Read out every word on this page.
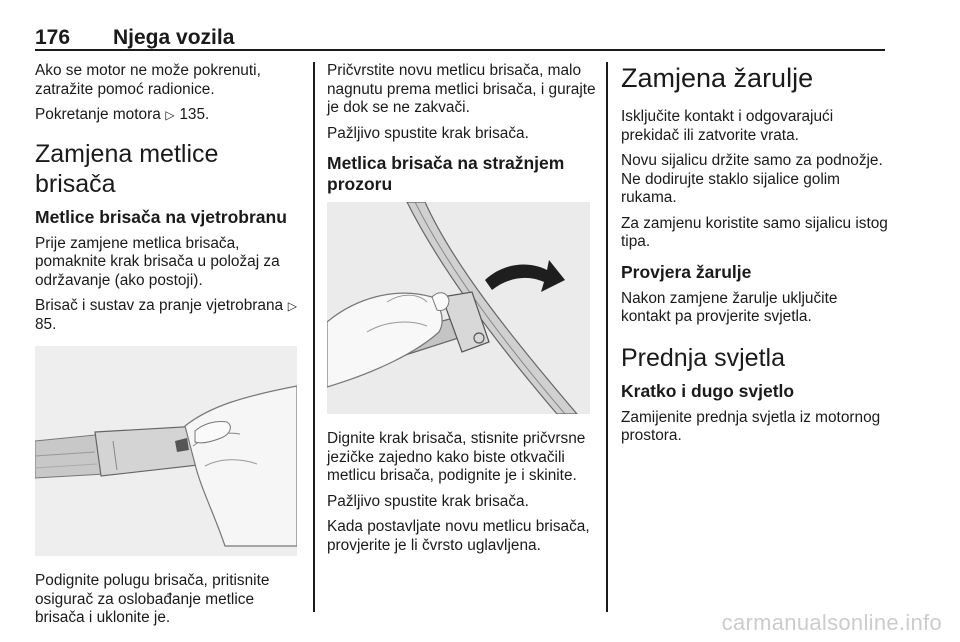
176 Njega vozila

Ako se motor ne može pokrenuti, zatražite pomoć radionice.

Pokretanje motora ▷ 135.

Zamjena metlice brisača
Metlice brisača na vjetrobranu

Prije zamjene metlica brisača, pomaknite krak brisača u položaj za održavanje (ako postoji).

Brisač i sustav za pranje vjetrobrana ▷ 85.

Podignite polugu brisača, pritisnite osigurač za oslobađanje metlice brisača i uklonite je.

Pričvrstite novu metlicu brisača, malo nagnutu prema metlici brisača, i gurajte je dok se ne zakvači.

Pažljivo spustite krak brisača.

Metlica brisača na stražnjem prozoru

Dignite krak brisača, stisnite pričvrsne jezičke zajedno kako biste otkvačili metlicu brisača, podignite je i skinite.

Pažljivo spustite krak brisača.

Kada postavljate novu metlicu brisača, provjerite je li čvrsto uglavljena.

Zamjena žarulje

Isključite kontakt i odgovarajući prekidač ili zatvorite vrata.

Novu sijalicu držite samo za podnožje. Ne dodirujte staklo sijalice golim rukama.

Za zamjenu koristite samo sijalicu istog tipa.

Provjera žarulje

Nakon zamjene žarulje uključite kontakt pa provjerite svjetla.

Prednja svjetla
Kratko i dugo svjetlo

Zamijenite prednja svjetla iz motornog prostora.

carmanualsonline.info
